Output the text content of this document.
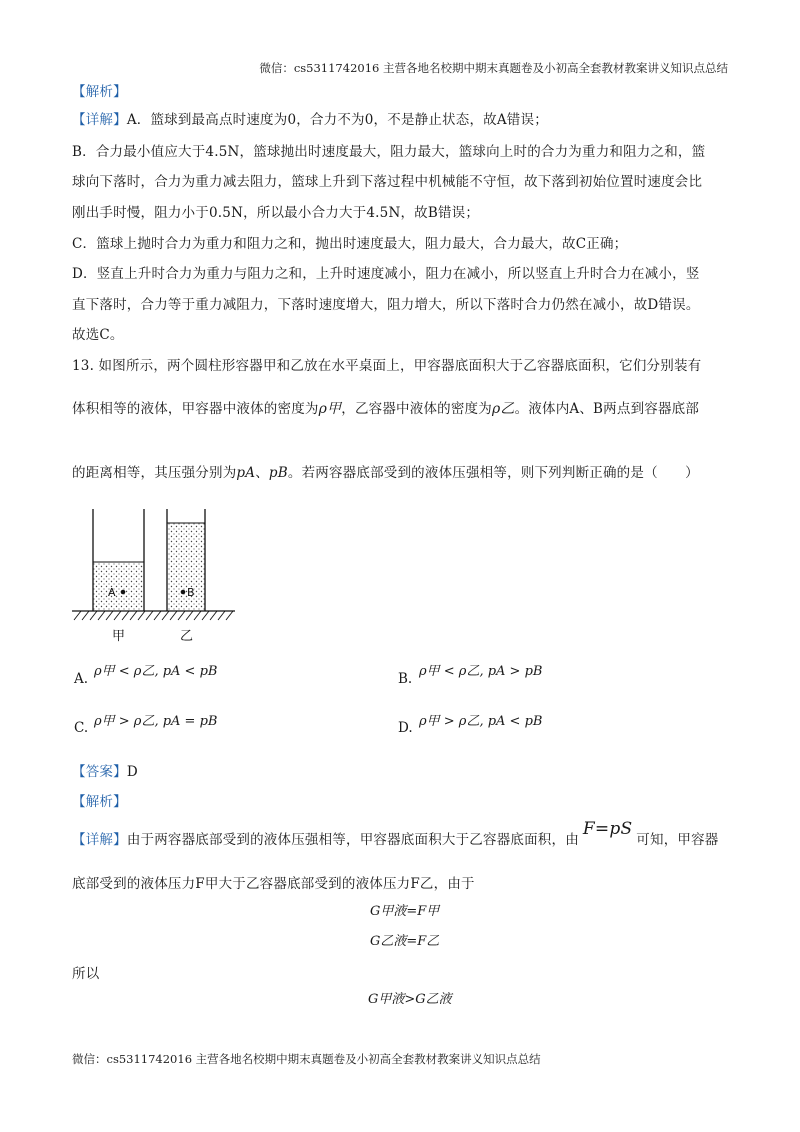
微信：cs5311742016 主营各地名校期中期末真题卷及小初高全套教材教案讲义知识点总结
【解析】
【详解】A．篮球到最高点时速度为0，合力不为0，不是静止状态，故A错误；
B．合力最小值应大于4.5N，篮球抛出时速度最大，阻力最大，篮球向上时的合力为重力和阻力之和，篮
球向下落时，合力为重力减去阻力，篮球上升到下落过程中机械能不守恒，故下落到初始位置时速度会比
刚出手时慢，阻力小于0.5N，所以最小合力大于4.5N，故B错误；
C．篮球上抛时合力为重力和阻力之和，抛出时速度最大，阻力最大，合力最大，故C正确；
D．竖直上升时合力为重力与阻力之和，上升时速度减小，阻力在减小，所以竖直上升时合力在减小，竖
直下落时，合力等于重力减阻力，下落时速度增大，阻力增大，所以下落时合力仍然在减小，故D错误。
故选C。
13. 如图所示，两个圆柱形容器甲和乙放在水平桌面上，甲容器底面积大于乙容器底面积，它们分别装有
体积相等的液体，甲容器中液体的密度为ρ甲，乙容器中液体的密度为ρ乙。液体内A、B两点到容器底部
的距离相等，其压强分别为pA、pB。若两容器底部受到的液体压强相等，则下列判断正确的是（　　）
A	B
甲	乙
A. ρ甲 < ρ乙, pA < pB	B. ρ甲 < ρ乙, pA > pB
C. ρ甲 > ρ乙, pA = pB	D. ρ甲 > ρ乙, pA < pB
【答案】D
【解析】
【详解】由于两容器底部受到的液体压强相等，甲容器底面积大于乙容器底面积，由F=pS可知，甲容器
底部受到的液体压力F甲大于乙容器底部受到的液体压力F乙，由于
G甲液=F甲
G乙液=F乙
所以
G甲液>G乙液
微信：cs5311742016 主营各地名校期中期末真题卷及小初高全套教材教案讲义知识点总结
